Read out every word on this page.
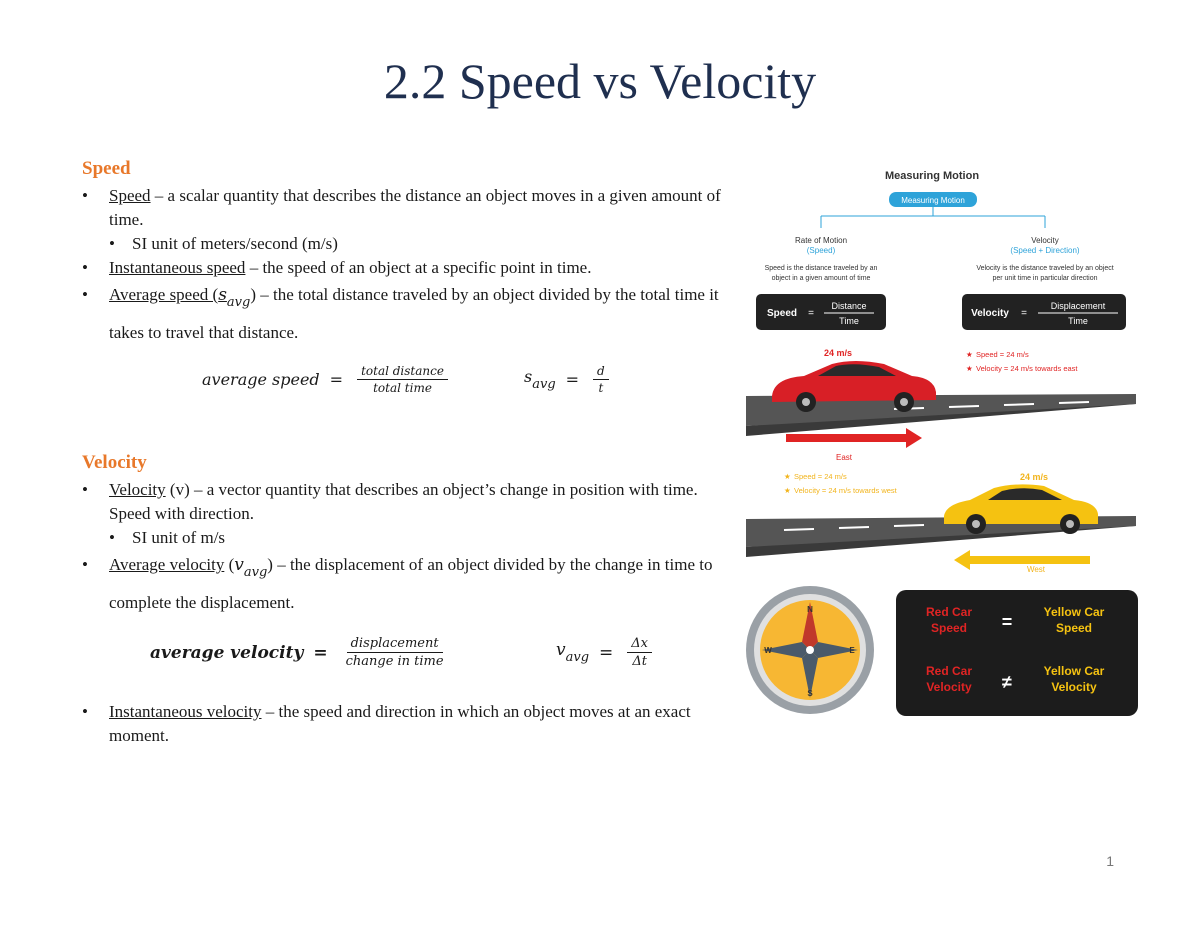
2.2 Speed vs Velocity
Speed
• Speed – a scalar quantity that describes the distance an object moves in a given amount of time.
• SI unit of meters/second (m/s)
• Instantaneous speed – the speed of an object at a specific point in time.
• Average speed $(s_{avg})$ – the total distance traveled by an object divided by the total time it takes to travel that distance.
average speed = $\frac{\text{total distance}}{\text{total time}}$	$s_{avg} = \frac{d}{t}$
Velocity
• Velocity (v) – a vector quantity that describes an object’s change in position with time. Speed with direction.
• SI unit of m/s
• Average velocity $(v_{avg})$ – the displacement of an object divided by the change in time to complete the displacement.
average velocity = $\frac{\text{displacement}}{\text{change in time}}$	$v_{avg} = \frac{\Delta x}{\Delta t}$
• Instantaneous velocity – the speed and direction in which an object moves at an exact moment.
Measuring Motion
Measuring Motion
Rate of Motion
(Speed)
Velocity
(Speed + Direction)
Speed is the distance traveled by an
object in a given amount of time
Velocity is the distance traveled by an object
per unit time in particular direction
Speed =
Distance
Time
Velocity =
Displacement
Time
24 m/s	★ Speed = 24 m/s
★ Velocity = 24 m/s towards east
East
★ Speed = 24 m/s
★ Velocity = 24 m/s towards west
24 m/s
West
N
S
E
W
Red Car
Speed =	Yellow Car
Speed
Red Car
Velocity ≠
Yellow Car
Velocity
1
